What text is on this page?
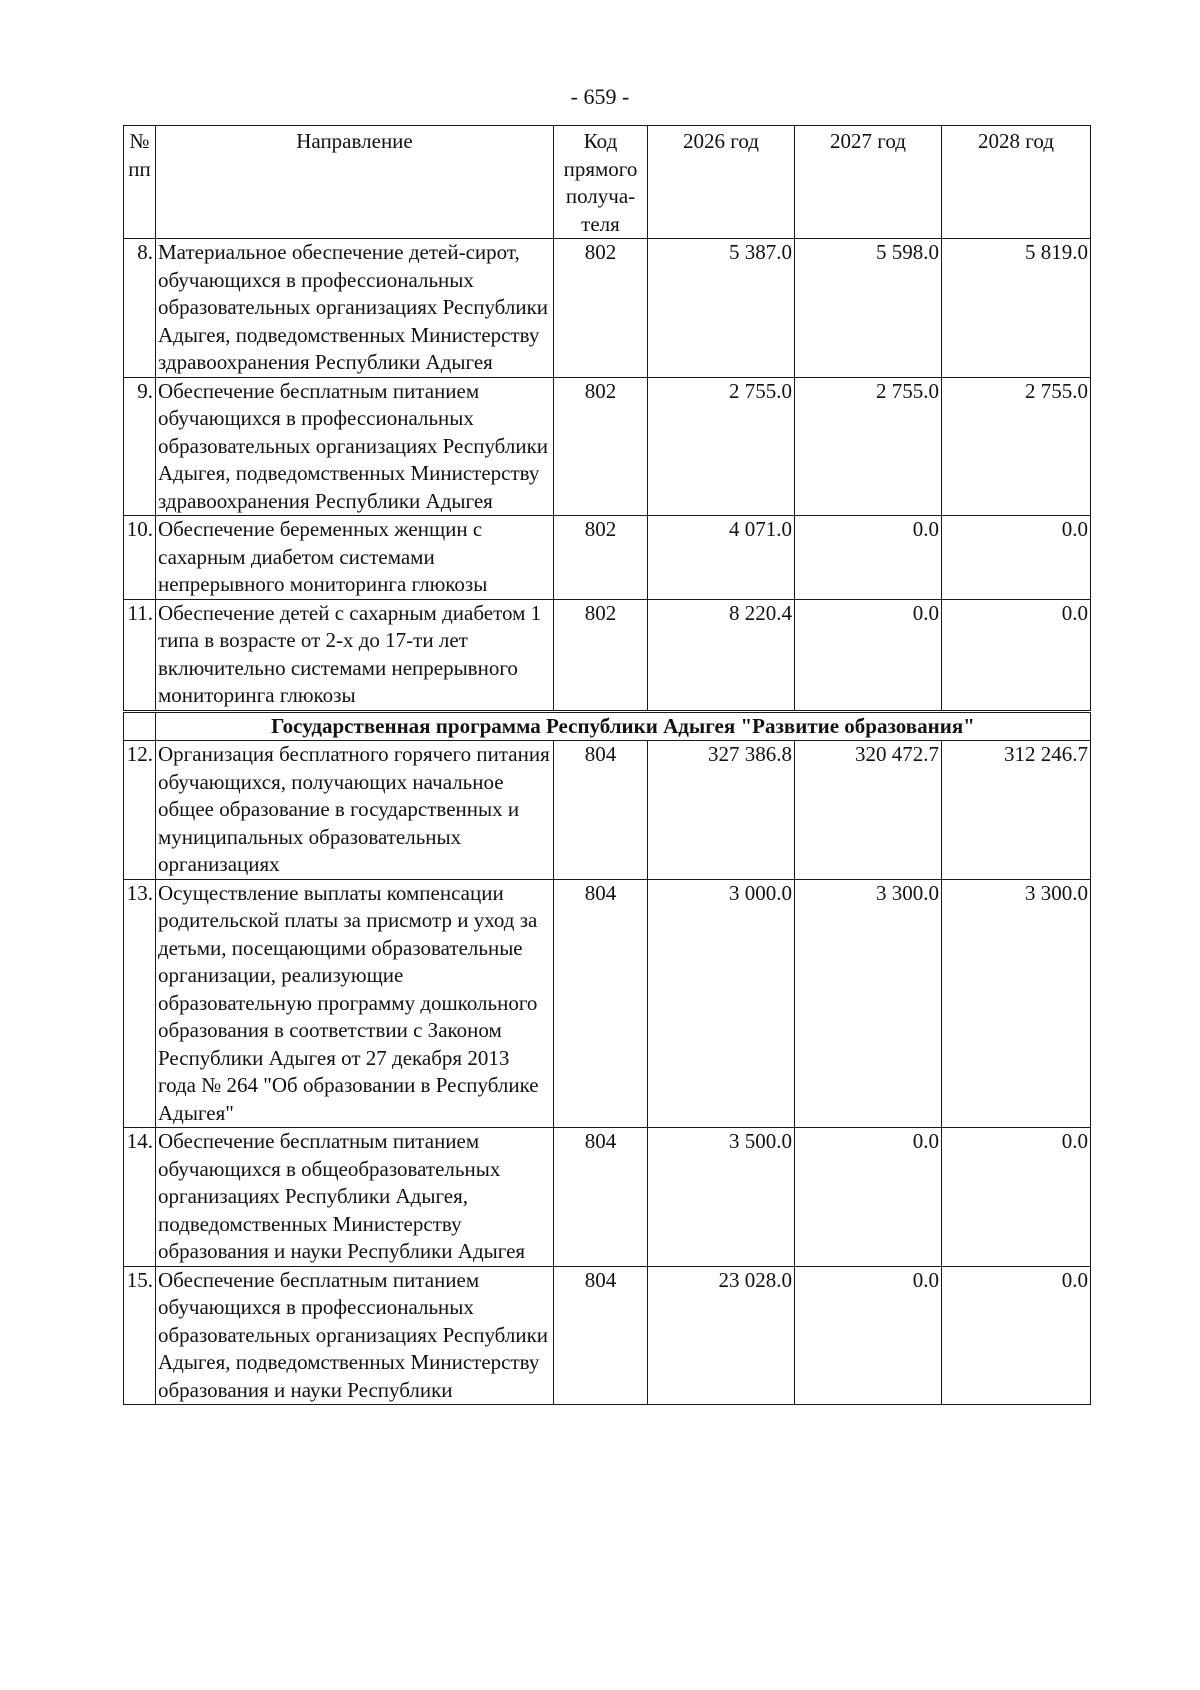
- 659 -
№ пп	Направление	Код прямого получа-теля	2026 год	2027 год	2028 год
8.	Материальное обеспечение детей-сирот, обучающихся в профессиональных образовательных организациях Республики Адыгея, подведомственных Министерству здравоохранения Республики Адыгея	802	5 387.0	5 598.0	5 819.0
9.	Обеспечение бесплатным питанием обучающихся в профессиональных образовательных организациях Республики Адыгея, подведомственных Министерству здравоохранения Республики Адыгея	802	2 755.0	2 755.0	2 755.0
10.	Обеспечение беременных женщин с сахарным диабетом системами непрерывного мониторинга глюкозы	802	4 071.0	0.0	0.0
11.	Обеспечение детей с сахарным диабетом 1 типа в возрасте от 2-х до 17-ти лет включительно системами непрерывного мониторинга глюкозы	802	8 220.4	0.0	0.0
	Государственная программа Республики Адыгея "Развитие образования"				
12.	Организация бесплатного горячего питания обучающихся, получающих начальное общее образование в государственных и муниципальных образовательных организациях	804	327 386.8	320 472.7	312 246.7
13.	Осуществление выплаты компенсации родительской платы за присмотр и уход за детьми, посещающими образовательные организации, реализующие образовательную программу дошкольного образования в соответствии с Законом Республики Адыгея от 27 декабря 2013 года № 264 "Об образовании в Республике Адыгея"	804	3 000.0	3 300.0	3 300.0
14.	Обеспечение бесплатным питанием обучающихся в общеобразовательных организациях Республики Адыгея, подведомственных Министерству образования и науки Республики Адыгея	804	3 500.0	0.0	0.0
15.	Обеспечение бесплатным питанием обучающихся в профессиональных образовательных организациях Республики Адыгея, подведомственных Министерству образования и науки Республики	804	23 028.0	0.0	0.0
